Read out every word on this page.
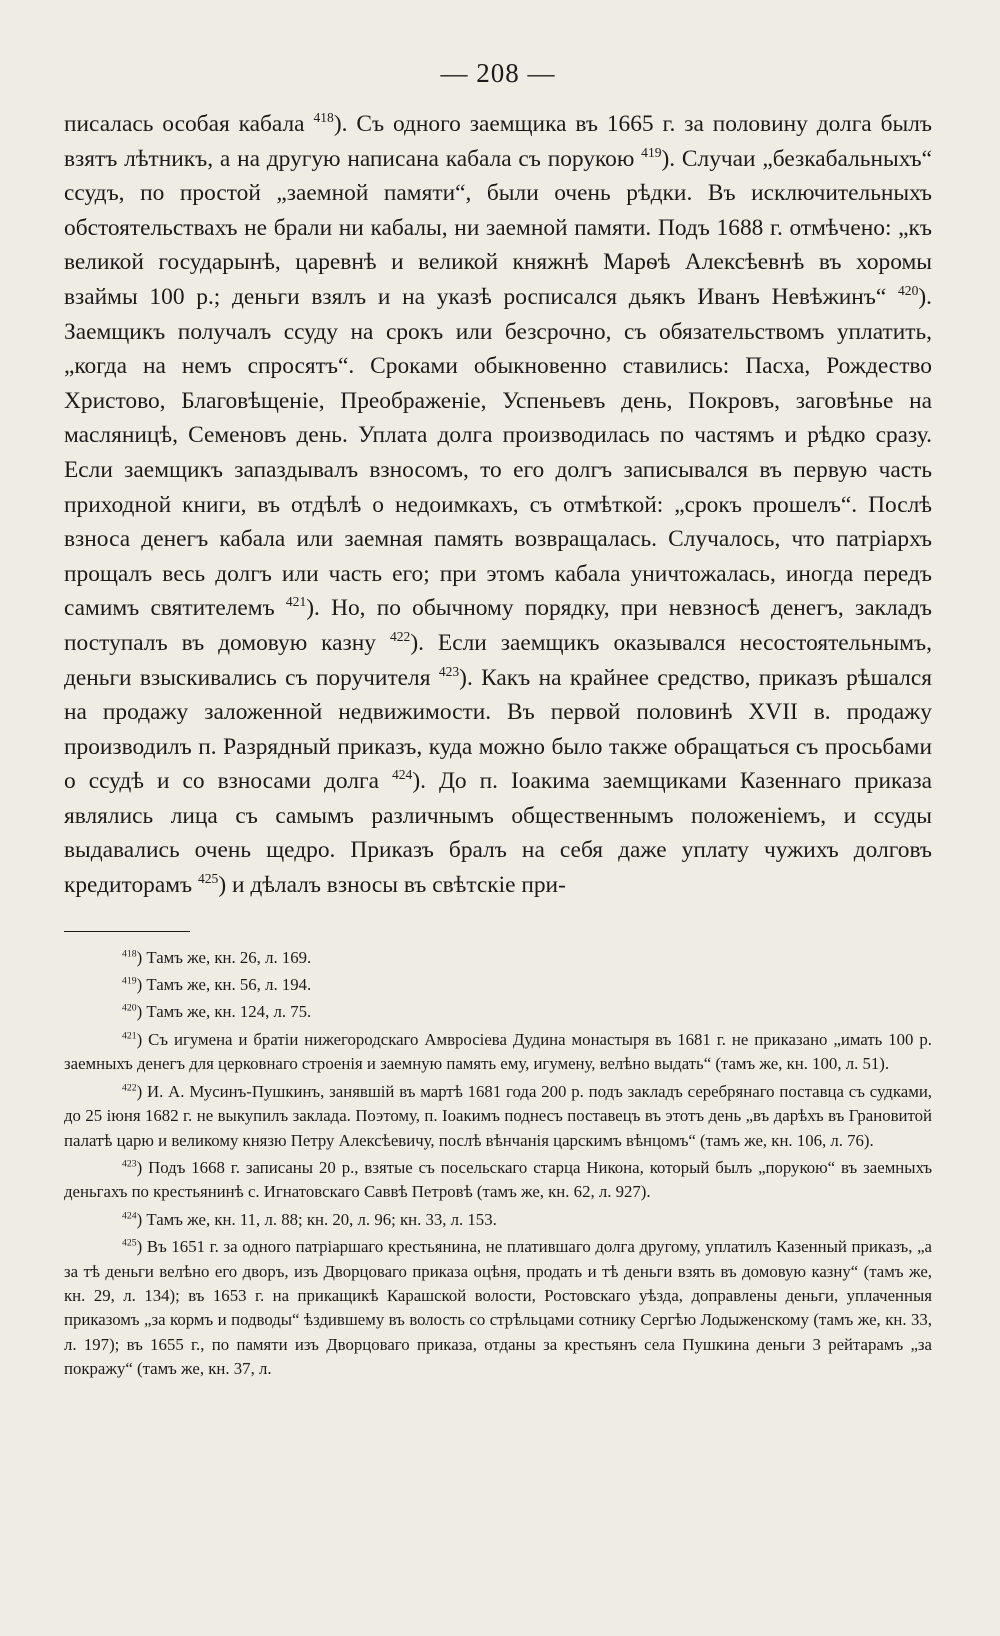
— 208 —

писалась особая кабала $^{418}$). Съ одного заемщика въ 1665 г. за половину долга былъ взятъ лѣтникъ, а на другую написана кабала съ порукою $^{419}$). Случаи „безкабальныхъ“ ссудъ, по простой „заемной памяти“, были очень рѣдки. Въ исключительныхъ обстоятельствахъ не брали ни кабалы, ни заемной памяти. Подъ 1688 г. отмѣчено: „къ великой государынѣ, царевнѣ и великой княжнѣ Марѳѣ Алексѣевнѣ въ хоромы взаймы 100 р.; деньги взялъ и на указѣ росписался дьякъ Иванъ Невѣжинъ“ $^{420}$). Заемщикъ получалъ ссуду на срокъ или безсрочно, съ обязательствомъ уплатить, „когда на немъ спросятъ“. Сроками обыкновенно ставились: Пасха, Рождество Христово, Благовѣщеніе, Преображеніе, Успеньевъ день, Покровъ, заговѣнье на масляницѣ, Семеновъ день. Уплата долга производилась по частямъ и рѣдко сразу. Если заемщикъ запаздывалъ взносомъ, то его долгъ записывался въ первую часть приходной книги, въ отдѣлѣ о недоимкахъ, съ отмѣткой: „срокъ прошелъ“. Послѣ взноса денегъ кабала или заемная память возвращалась. Случалось, что патріархъ прощалъ весь долгъ или часть его; при этомъ кабала уничтожалась, иногда передъ самимъ святителемъ $^{421}$). Но, по обычному порядку, при невзносѣ денегъ, закладъ поступалъ въ домовую казну $^{422}$). Если заемщикъ оказывался несостоятельнымъ, деньги взыскивались съ поручителя $^{423}$). Какъ на крайнее средство, приказъ рѣшался на продажу заложенной недвижимости. Въ первой половинѣ XVII в. продажу производилъ п. Разрядный приказъ, куда можно было также обращаться съ просьбами о ссудѣ и со взносами долга $^{424}$). До п. Іоакима заемщиками Казеннаго приказа являлись лица съ самымъ различнымъ общественнымъ положеніемъ, и ссуды выдавались очень щедро. Приказъ бралъ на себя даже уплату чужихъ долговъ кредиторамъ $^{425}$) и дѣлалъ взносы въ свѣтскіе при-

$^{418}$) Тамъ же, кн. 26, л. 169.

$^{419}$) Тамъ же, кн. 56, л. 194.

$^{420}$) Тамъ же, кн. 124, л. 75.

$^{421}$) Съ игумена и братіи нижегородскаго Амвросіева Дудина монастыря въ 1681 г. не приказано „имать 100 р. заемныхъ денегъ для церковнаго строенія и заемную память ему, игумену, велѣно выдать“ (тамъ же, кн. 100, л. 51).

$^{422}$) И. А. Мусинъ-Пушкинъ, занявшій въ мартѣ 1681 года 200 р. подъ закладъ серебрянаго поставца съ судками, до 25 іюня 1682 г. не выкупилъ заклада. Поэтому, п. Іоакимъ поднесъ поставецъ въ этотъ день „въ дарѣхъ въ Грановитой палатѣ царю и великому князю Петру Алексѣевичу, послѣ вѣнчанія царскимъ вѣнцомъ“ (тамъ же, кн. 106, л. 76).

$^{423}$) Подъ 1668 г. записаны 20 р., взятые съ посельскаго старца Никона, который былъ „порукою“ въ заемныхъ деньгахъ по крестьянинѣ с. Игнатовскаго Саввѣ Петровѣ (тамъ же, кн. 62, л. 927).

$^{424}$) Тамъ же, кн. 11, л. 88; кн. 20, л. 96; кн. 33, л. 153.

$^{425}$) Въ 1651 г. за одного патріаршаго крестьянина, не платившаго долга другому, уплатилъ Казенный приказъ, „а за тѣ деньги велѣно его дворъ, изъ Дворцоваго приказа оцѣня, продать и тѣ деньги взять въ домовую казну“ (тамъ же, кн. 29, л. 134); въ 1653 г. на прикащикѣ Карашской волости, Ростовскаго уѣзда, доправлены деньги, уплаченныя приказомъ „за кормъ и подводы“ ѣздившему въ волость со стрѣльцами сотнику Сергѣю Лодыженскому (тамъ же, кн. 33, л. 197); въ 1655 г., по памяти изъ Дворцоваго приказа, отданы за крестьянъ села Пушкина деньги 3 рейтарамъ „за покражу“ (тамъ же, кн. 37, л.
